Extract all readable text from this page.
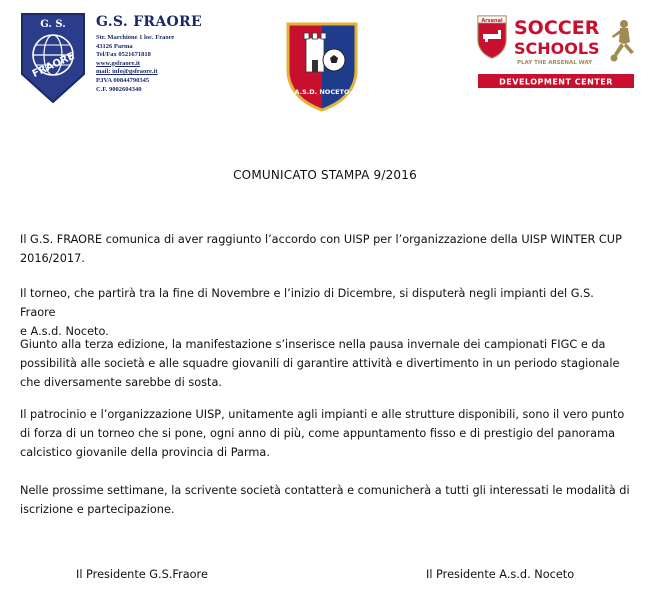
G. S.
FRAORE
G.S. FRAORE
Str. Marchione 1 loc. Fraore
43126 Parma
Tel/Fax 0521671818
www.gsfraore.it
mail: info@gsfraore.it
P.IVA 00844790345
C.F. 9002604340	A.S.D. NOCETO
Arsenal SOCCER
SCHOOLS
PLAY THE ARSENAL WAY
DEVELOPMENT CENTER
COMUNICATO STAMPA 9/2016

Il G.S. FRAORE comunica di aver raggiunto l’accordo con UISP per l’organizzazione della UISP WINTER CUP
2016/2017.

Il torneo, che partirà tra la fine di Novembre e l’inizio di Dicembre, si disputerà negli impianti del G.S. Fraore
e A.s.d. Noceto.

Giunto alla terza edizione, la manifestazione s’inserisce nella pausa invernale dei campionati FIGC e da
possibilità alle società e alle squadre giovanili di garantire attività e divertimento in un periodo stagionale
che diversamente sarebbe di sosta.

Il patrocinio e l’organizzazione UISP, unitamente agli impianti e alle strutture disponibili, sono il vero punto
di forza di un torneo che si pone, ogni anno di più, come appuntamento fisso e di prestigio del panorama
calcistico giovanile della provincia di Parma.

Nelle prossime settimane, la scrivente società contatterà e comunicherà a tutti gli interessati le modalità di
iscrizione e partecipazione.

Il Presidente G.S.Fraore	Il Presidente A.s.d. Noceto
